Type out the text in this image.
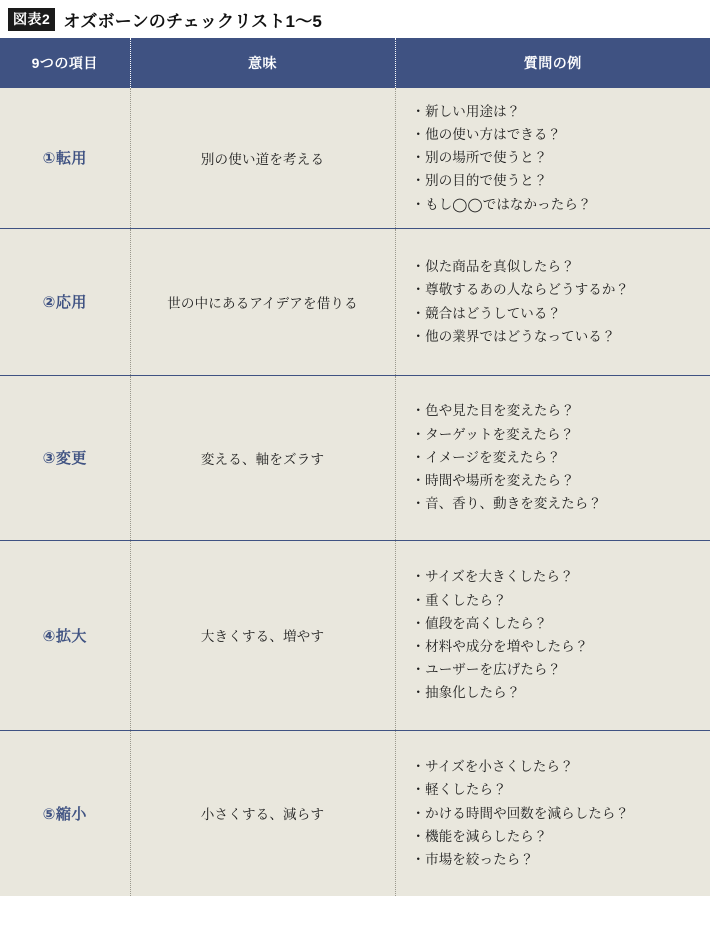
図表2 オズボーンのチェックリスト1〜5
9つの項目	意味	質問の例
①転用	別の使い道を考える	
・新しい用途は？
・他の使い方はできる？
・別の場所で使うと？
・別の目的で使うと？
・もし◯◯ではなかったら？

②応用	世の中にあるアイデアを借りる	
・似た商品を真似したら？
・尊敬するあの人ならどうするか？
・競合はどうしている？
・他の業界ではどうなっている？

③変更	変える、軸をズラす	
・色や見た目を変えたら？
・ターゲットを変えたら？
・イメージを変えたら？
・時間や場所を変えたら？
・音、香り、動きを変えたら？

④拡大	大きくする、増やす	
・サイズを大きくしたら？
・重くしたら？
・値段を高くしたら？
・材料や成分を増やしたら？
・ユーザーを広げたら？
・抽象化したら？

⑤縮小	小さくする、減らす	
・サイズを小さくしたら？
・軽くしたら？
・かける時間や回数を減らしたら？
・機能を減らしたら？
・市場を絞ったら？
